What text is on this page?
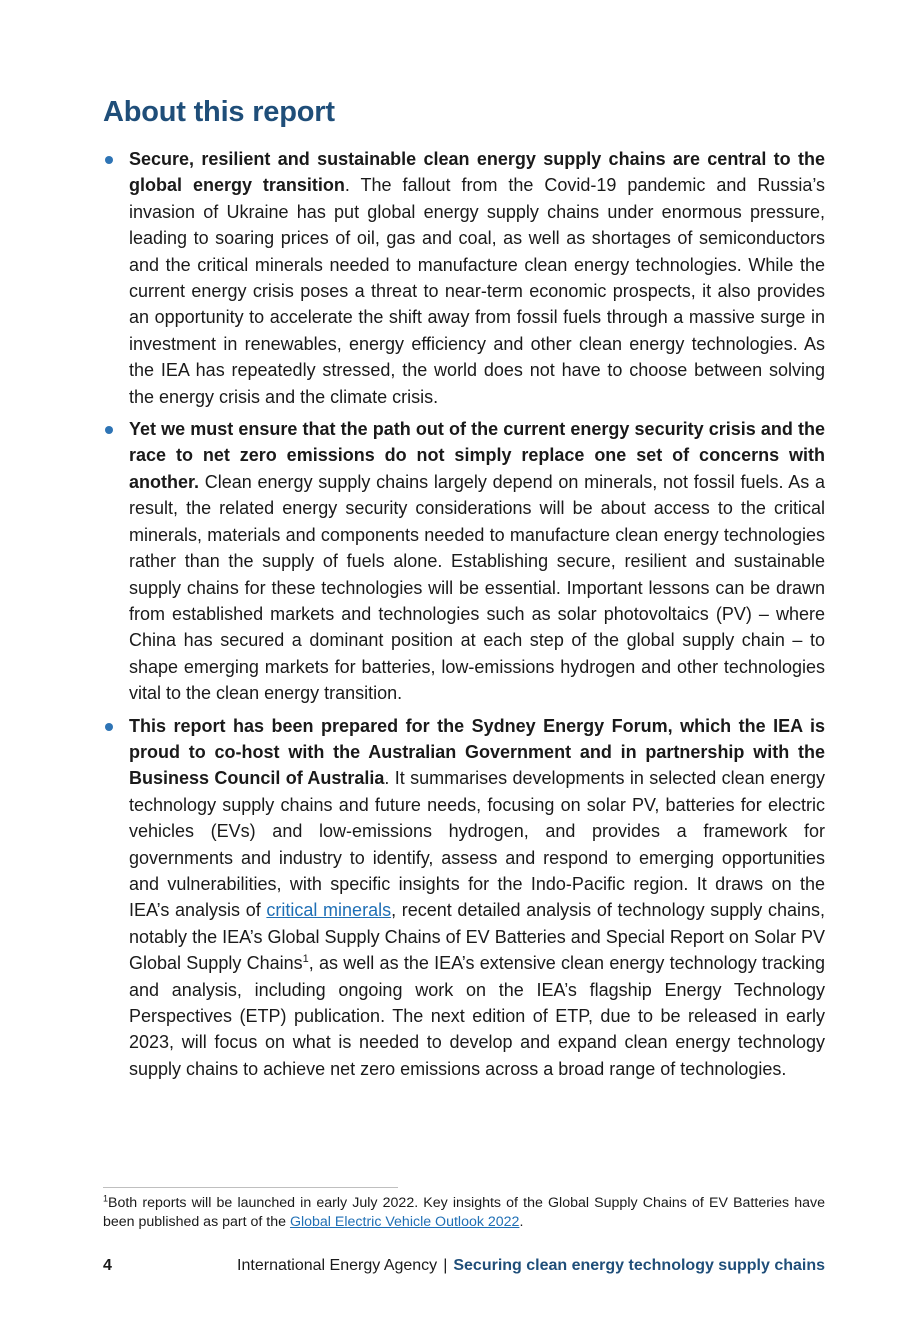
About this report
Secure, resilient and sustainable clean energy supply chains are central to the global energy transition. The fallout from the Covid-19 pandemic and Russia’s invasion of Ukraine has put global energy supply chains under enormous pressure, leading to soaring prices of oil, gas and coal, as well as shortages of semiconductors and the critical minerals needed to manufacture clean energy technologies. While the current energy crisis poses a threat to near-term economic prospects, it also provides an opportunity to accelerate the shift away from fossil fuels through a massive surge in investment in renewables, energy efficiency and other clean energy technologies. As the IEA has repeatedly stressed, the world does not have to choose between solving the energy crisis and the climate crisis.
Yet we must ensure that the path out of the current energy security crisis and the race to net zero emissions do not simply replace one set of concerns with another. Clean energy supply chains largely depend on minerals, not fossil fuels. As a result, the related energy security considerations will be about access to the critical minerals, materials and components needed to manufacture clean energy technologies rather than the supply of fuels alone. Establishing secure, resilient and sustainable supply chains for these technologies will be essential. Important lessons can be drawn from established markets and technologies such as solar photovoltaics (PV) – where China has secured a dominant position at each step of the global supply chain – to shape emerging markets for batteries, low-emissions hydrogen and other technologies vital to the clean energy transition.
This report has been prepared for the Sydney Energy Forum, which the IEA is proud to co-host with the Australian Government and in partnership with the Business Council of Australia. It summarises developments in selected clean energy technology supply chains and future needs, focusing on solar PV, batteries for electric vehicles (EVs) and low-emissions hydrogen, and provides a framework for governments and industry to identify, assess and respond to emerging opportunities and vulnerabilities, with specific insights for the Indo-Pacific region. It draws on the IEA’s analysis of critical minerals, recent detailed analysis of technology supply chains, notably the IEA’s Global Supply Chains of EV Batteries and Special Report on Solar PV Global Supply Chains$^1$, as well as the IEA’s extensive clean energy technology tracking and analysis, including ongoing work on the IEA’s flagship Energy Technology Perspectives (ETP) publication. The next edition of ETP, due to be released in early 2023, will focus on what is needed to develop and expand clean energy technology supply chains to achieve net zero emissions across a broad range of technologies.
$^1$Both reports will be launched in early July 2022. Key insights of the Global Supply Chains of EV Batteries have been published as part of the Global Electric Vehicle Outlook 2022.
4	International Energy Agency | Securing clean energy technology supply chains
